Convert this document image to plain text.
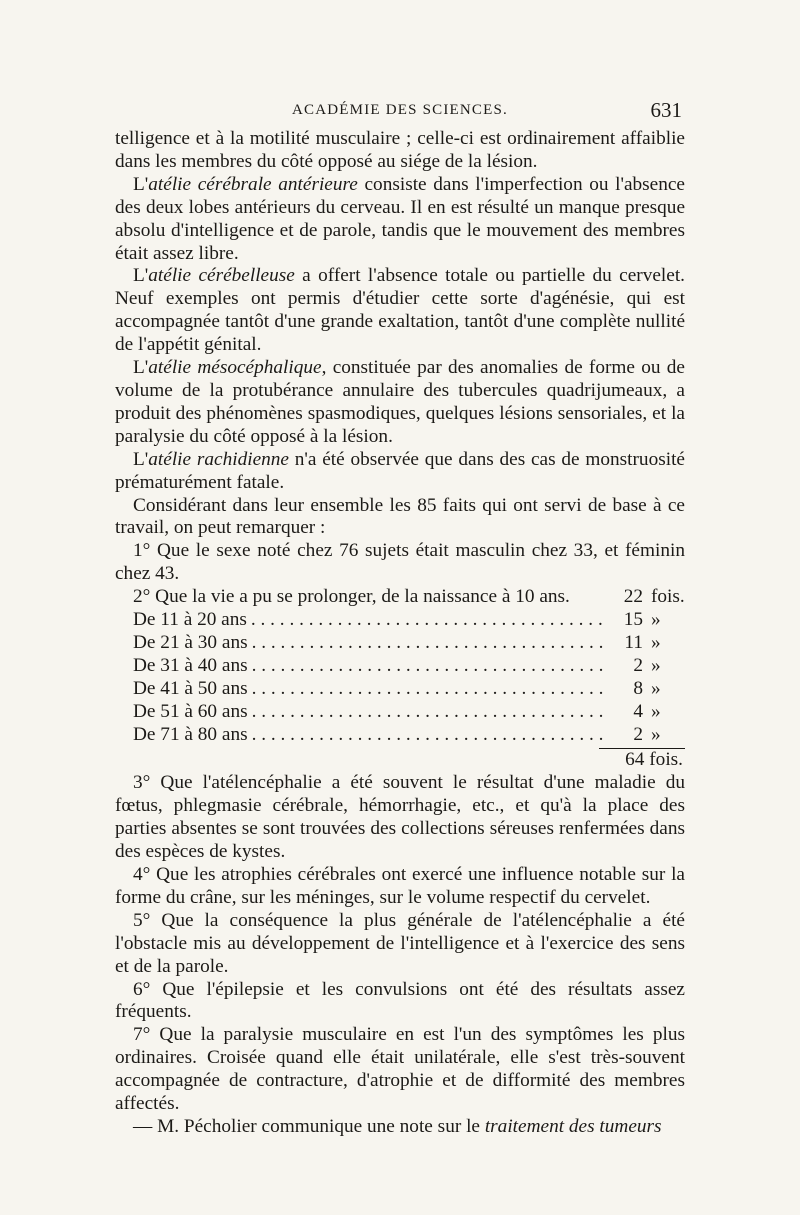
ACADÉMIE DES SCIENCES.	631

telligence et à la motilité musculaire ; celle-ci est ordinairement affaiblie dans les membres du côté opposé au siége de la lésion.

L'atélie cérébrale antérieure consiste dans l'imperfection ou l'absence des deux lobes antérieurs du cerveau. Il en est résulté un manque presque absolu d'intelligence et de parole, tandis que le mouvement des membres était assez libre.

L'atélie cérébelleuse a offert l'absence totale ou partielle du cervelet. Neuf exemples ont permis d'étudier cette sorte d'agénésie, qui est accompagnée tantôt d'une grande exaltation, tantôt d'une complète nullité de l'appétit génital.

L'atélie mésocéphalique, constituée par des anomalies de forme ou de volume de la protubérance annulaire des tubercules quadrijumeaux, a produit des phénomènes spasmodiques, quelques lésions sensoriales, et la paralysie du côté opposé à la lésion.

L'atélie rachidienne n'a été observée que dans des cas de monstruosité prématurément fatale.

Considérant dans leur ensemble les 85 faits qui ont servi de base à ce travail, on peut remarquer :

1° Que le sexe noté chez 76 sujets était masculin chez 33, et féminin chez 43.

2° Que la vie a pu se prolonger, de la naissance à 10 ans.	22 fois.
De 11 à 20 ans . . .	15 »
De 21 à 30 ans . . .	11 »
De 31 à 40 ans . . .	2 »
De 41 à 50 ans . . .	8 »
De 51 à 60 ans . . .	4 »
De 71 à 80 ans . . .	2 »

64 fois.

3° Que l'atélencéphalie a été souvent le résultat d'une maladie du fœtus, phlegmasie cérébrale, hémorrhagie, etc., et qu'à la place des parties absentes se sont trouvées des collections séreuses renfermées dans des espèces de kystes.

4° Que les atrophies cérébrales ont exercé une influence notable sur la forme du crâne, sur les méninges, sur le volume respectif du cervelet.

5° Que la conséquence la plus générale de l'atélencéphalie a été l'obstacle mis au développement de l'intelligence et à l'exercice des sens et de la parole.

6° Que l'épilepsie et les convulsions ont été des résultats assez fréquents.

7° Que la paralysie musculaire en est l'un des symptômes les plus ordinaires. Croisée quand elle était unilatérale, elle s'est très-souvent accompagnée de contracture, d'atrophie et de difformité des membres affectés.

— M. Pécholier communique une note sur le traitement des tumeurs
